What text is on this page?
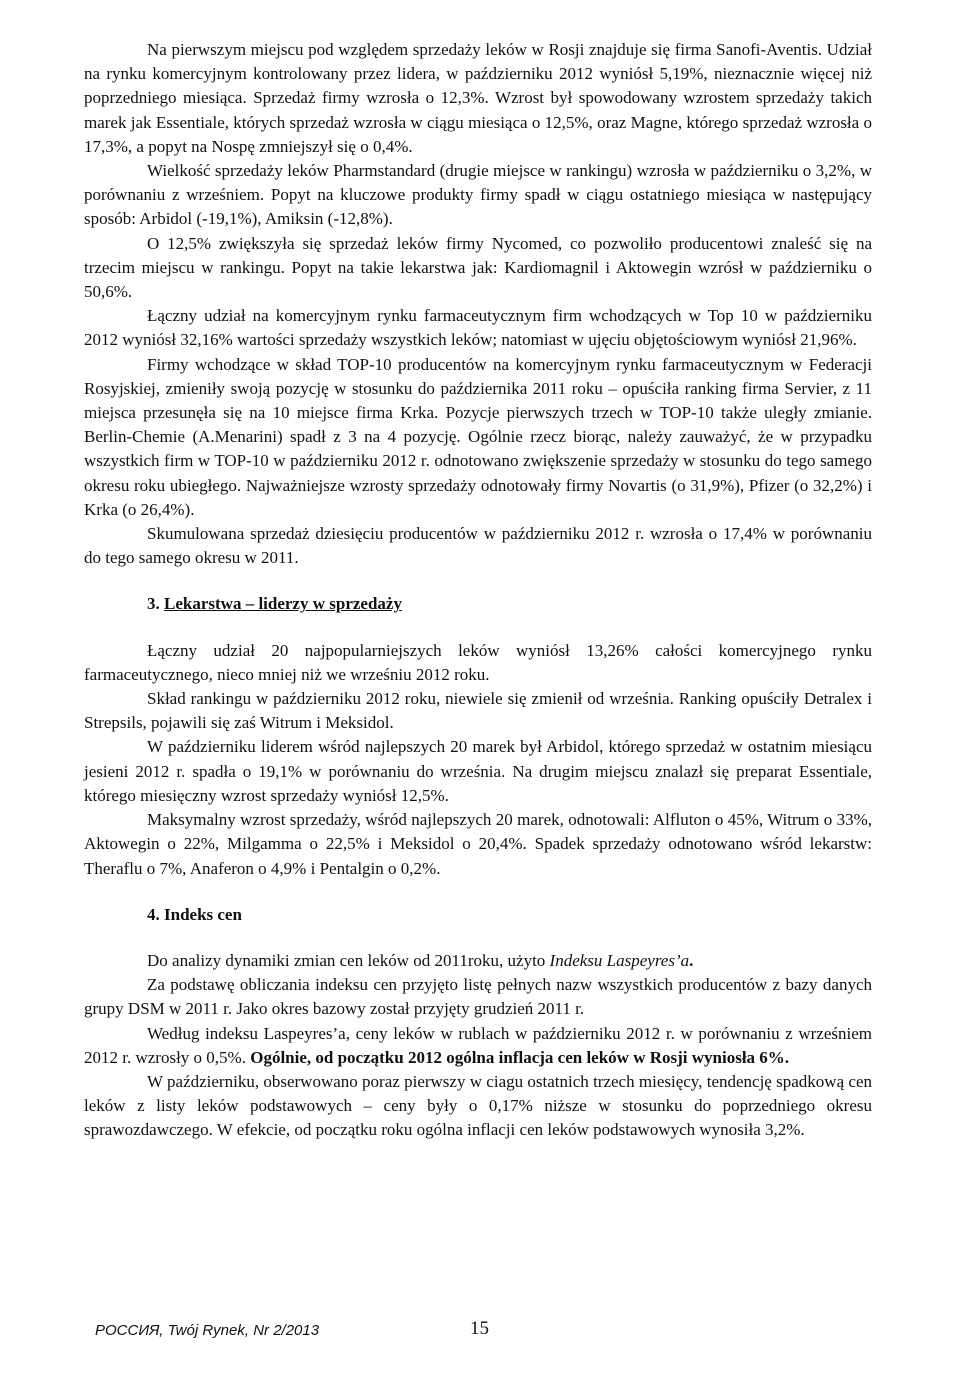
Na pierwszym miejscu pod względem sprzedaży leków w Rosji znajduje się firma Sanofi-Aventis. Udział na rynku komercyjnym kontrolowany przez lidera, w październiku 2012 wyniósł 5,19%, nieznacznie więcej niż poprzedniego miesiąca. Sprzedaż firmy wzrosła o 12,3%. Wzrost był spowodowany wzrostem sprzedaży takich marek jak Essentiale, których sprzedaż wzrosła w ciągu miesiąca o 12,5%, oraz Magne, którego sprzedaż wzrosła o 17,3%, a popyt na Nospę zmniejszył się o 0,4%.

Wielkość sprzedaży leków Pharmstandard (drugie miejsce w rankingu) wzrosła w październiku o 3,2%, w porównaniu z wrześniem. Popyt na kluczowe produkty firmy spadł w ciągu ostatniego miesiąca w następujący sposób: Arbidol (-19,1%), Amiksin (-12,8%).

O 12,5% zwiększyła się sprzedaż leków firmy Nycomed, co pozwoliło producentowi znaleść się na trzecim miejscu w rankingu. Popyt na takie lekarstwa jak: Kardiomagnil i Aktowegin wzrósł w październiku o 50,6%.

Łączny udział na komercyjnym rynku farmaceutycznym firm wchodzących w Top 10 w październiku 2012 wyniósł 32,16% wartości sprzedaży wszystkich leków; natomiast w ujęciu objętościowym wyniósł 21,96%.

Firmy wchodzące w skład TOP-10 producentów na komercyjnym rynku farmaceutycznym w Federacji Rosyjskiej, zmieniły swoją pozycję w stosunku do października 2011 roku – opuściła ranking firma Servier, z 11 miejsca przesunęła się na 10 miejsce firma Krka. Pozycje pierwszych trzech w TOP-10 także uległy zmianie. Berlin-Chemie (A.Menarini) spadł z 3 na 4 pozycję. Ogólnie rzecz biorąc, należy zauważyć, że w przypadku wszystkich firm w TOP-10 w październiku 2012 r. odnotowano zwiększenie sprzedaży w stosunku do tego samego okresu roku ubiegłego. Najważniejsze wzrosty sprzedaży odnotowały firmy Novartis (o 31,9%), Pfizer (o 32,2%) i Krka (o 26,4%).

Skumulowana sprzedaż dziesięciu producentów w październiku 2012 r. wzrosła o 17,4% w porównaniu do tego samego okresu w 2011.

3. Lekarstwa – liderzy w sprzedaży

Łączny udział 20 najpopularniejszych leków wyniósł 13,26% całości komercyjnego rynku farmaceutycznego, nieco mniej niż we wrześniu 2012 roku.

Skład rankingu w październiku 2012 roku, niewiele się zmienił od września. Ranking opuściły Detralex i Strepsils, pojawili się zaś Witrum i Meksidol.

W październiku liderem wśród najlepszych 20 marek był Arbidol, którego sprzedaż w ostatnim miesiącu jesieni 2012 r. spadła o 19,1% w porównaniu do września. Na drugim miejscu znalazł się preparat Essentiale, którego miesięczny wzrost sprzedaży wyniósł 12,5%.

Maksymalny wzrost sprzedaży, wśród najlepszych 20 marek, odnotowali: Alfluton o 45%, Witrum o 33%, Aktowegin o 22%, Milgamma o 22,5% i Meksidol o 20,4%. Spadek sprzedaży odnotowano wśród lekarstw: Theraflu o 7%, Anaferon o 4,9% i Pentalgin o 0,2%.

4. Indeks cen

Do analizy dynamiki zmian cen leków od 2011roku, użyto Indeksu Laspeyres’a.

Za podstawę obliczania indeksu cen przyjęto listę pełnych nazw wszystkich producentów z bazy danych grupy DSM w 2011 r. Jako okres bazowy został przyjęty grudzień 2011 r.

Według indeksu Laspeyres’a, ceny leków w rublach w październiku 2012 r. w porównaniu z wrześniem 2012 r. wzrosły o 0,5%. Ogólnie, od początku 2012 ogólna inflacja cen leków w Rosji wyniosła 6%.

W październiku, obserwowano poraz pierwszy w ciagu ostatnich trzech miesięcy, tendencję spadkową cen leków z listy leków podstawowych – ceny były o 0,17% niższe w stosunku do poprzedniego okresu sprawozdawczego. W efekcie, od początku roku ogólna inflacji cen leków podstawowych wynosiła 3,2%.

РОССИЯ, Twój Rynek, Nr 2/2013	15
